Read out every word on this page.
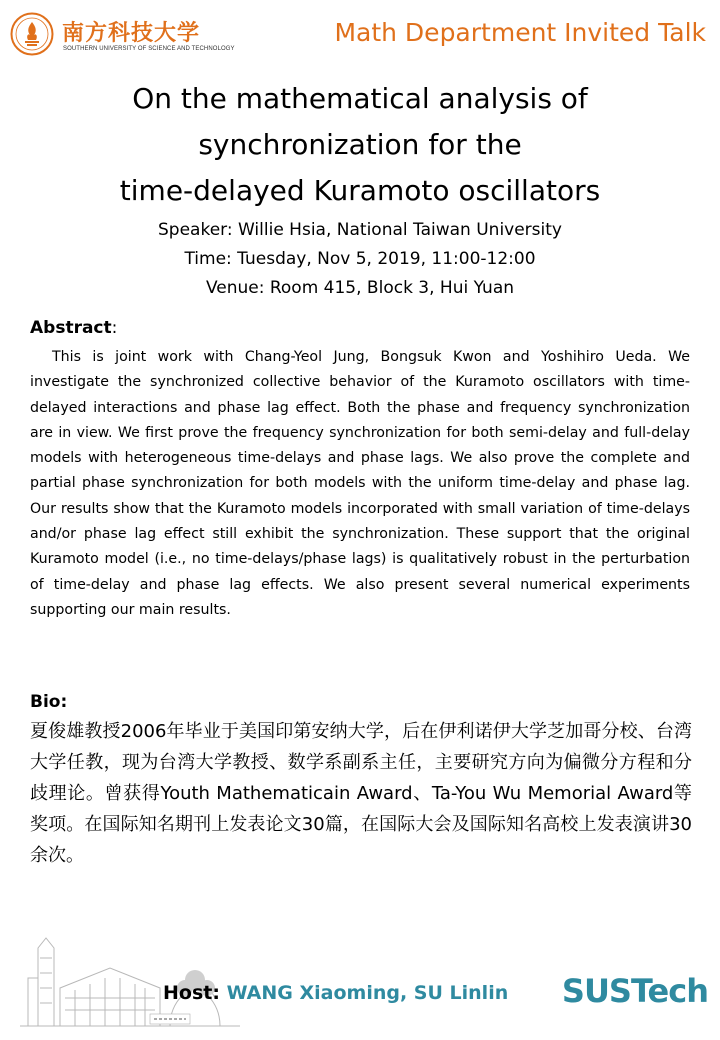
南方科技大学
SOUTHERN UNIVERSITY OF SCIENCE AND TECHNOLOGY
Math Department Invited Talk
On the mathematical analysis of
synchronization for the
time-delayed Kuramoto oscillators
Speaker: Willie Hsia, National Taiwan University
Time: Tuesday, Nov 5, 2019, 11:00-12:00
Venue: Room 415, Block 3, Hui Yuan
Abstract:
This is joint work with Chang-Yeol Jung, Bongsuk Kwon and Yoshihiro Ueda. We investigate the synchronized collective behavior of the Kuramoto oscillators with time-delayed interactions and phase lag effect. Both the phase and frequency synchronization are in view. We first prove the frequency synchronization for both semi-delay and full-delay models with heterogeneous time-delays and phase lags. We also prove the complete and partial phase synchronization for both models with the uniform time-delay and phase lag. Our results show that the Kuramoto models incorporated with small variation of time-delays and/or phase lag effect still exhibit the synchronization. These support that the original Kuramoto model (i.e., no time-delays/phase lags) is qualitatively robust in the perturbation of time-delay and phase lag effects. We also present several numerical experiments supporting our main results.
Bio:
夏俊雄教授2006年毕业于美国印第安纳大学，后在伊利诺伊大学芝加哥分校、台湾大学任教，现为台湾大学教授、数学系副系主任，主要研究方向为偏微分方程和分歧理论。曾获得Youth Mathematicain Award、Ta-You Wu Memorial Award等奖项。在国际知名期刊上发表论文30篇，在国际大会及国际知名高校上发表演讲30余次。
Host: WANG Xiaoming, SU Linlin SUSTech
